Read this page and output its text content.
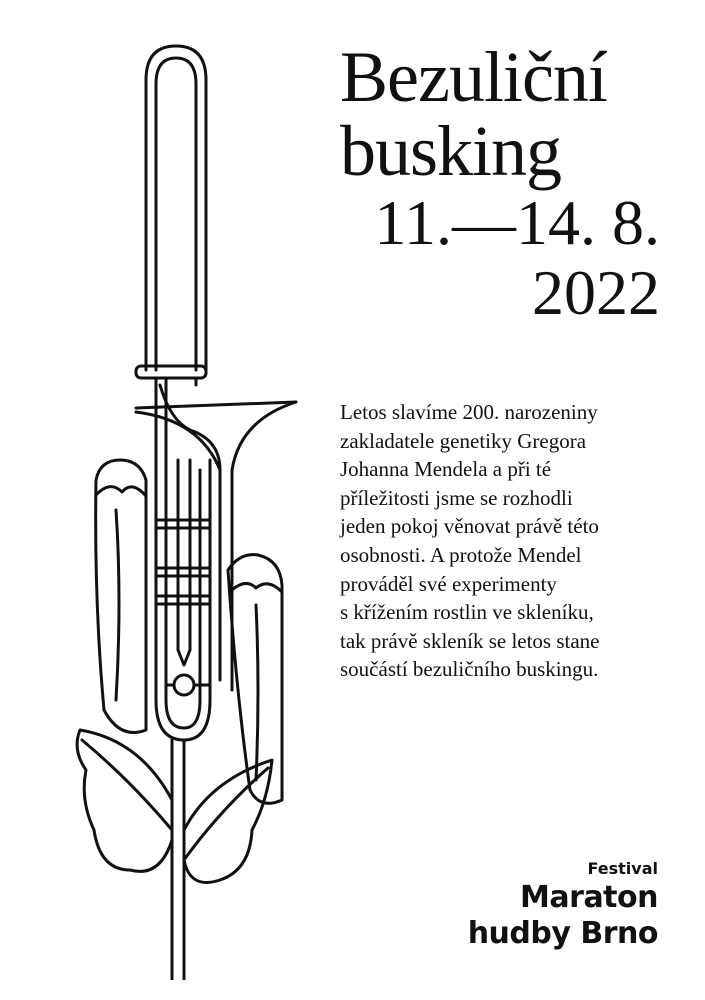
Bezuliční
busking
11.—14. 8.
2022
Letos slavíme 200. narozeniny
zakladatele genetiky Gregora
Johanna Mendela a při té
příležitosti jsme se rozhodli
jeden pokoj věnovat právě této
osobnosti. A protože Mendel
prováděl své experimenty
s křížením rostlin ve skleníku,
tak právě skleník se letos stane
součástí bezuličního buskingu.
Festival
Maraton
hudby Brno
